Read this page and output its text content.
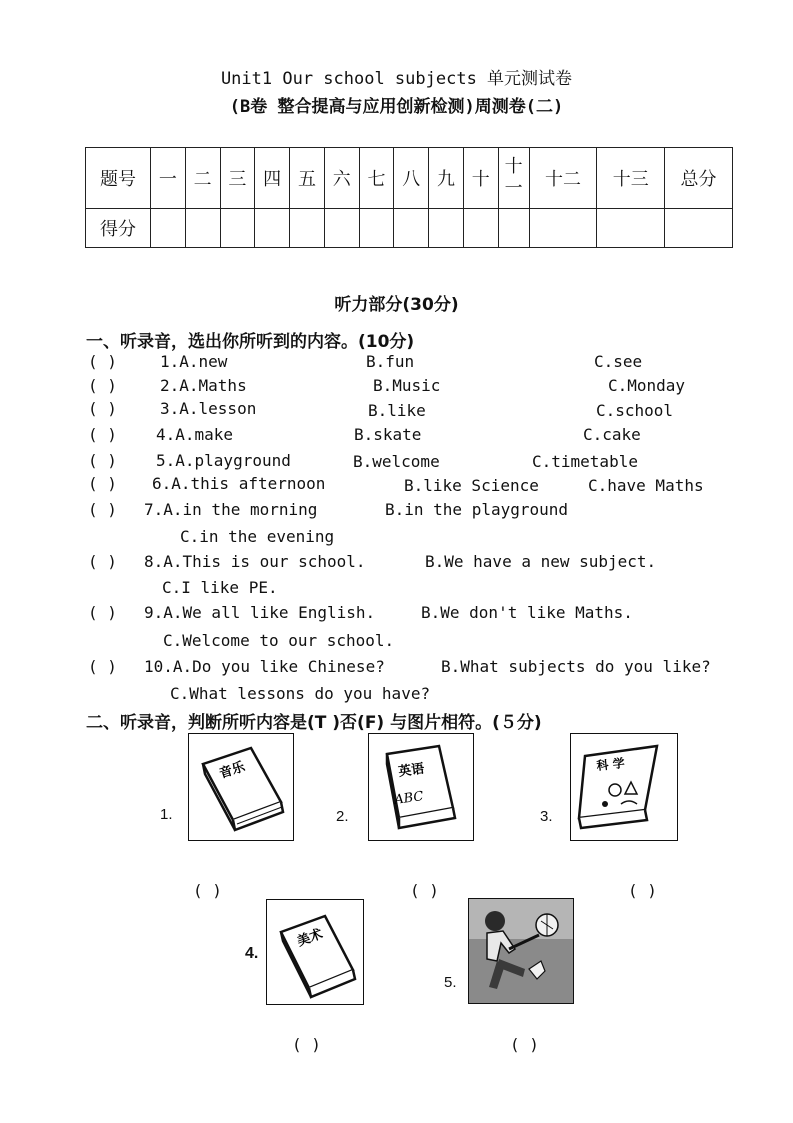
Unit1 Our school subjects 单元测试卷
(B卷 整合提高与应用创新检测)周测卷(二)
题号	一	二	三	四	五	六	七	八	九	十	十一	十二	十三	总分
得分														
听力部分(30分)
一、听录音，选出你所听到的内容。(10分)
( )	1.A.new	B.fun	C.see
( )	2.A.Maths	B.Music	C.Monday
( )	3.A.lesson	B.like	C.school
( ) 4.A.make	B.skate	C.cake
( ) 5.A.playground	B.welcome	C.timetable
( ) 6.A.this afternoon	B.like Science	C.have Maths
( ) 7.A.in the morning	B.in the playground
C.in the evening
( ) 8.A.This is our school.	B.We have a new subject.
C.I like PE.
( ) 9.A.We all like English.	B.We don't like Maths.
C.Welcome to our school.
( ) 10.A.Do you like Chinese?	B.What subjects do you like?
C.What lessons do you have?
二、听录音，判断所听内容是(T )否(F) 与图片相符。(５分)
1.
音乐
( )
2.
英语
ABC
( )
3.
科 学
( )
4.
美术
( )
5.
( )
